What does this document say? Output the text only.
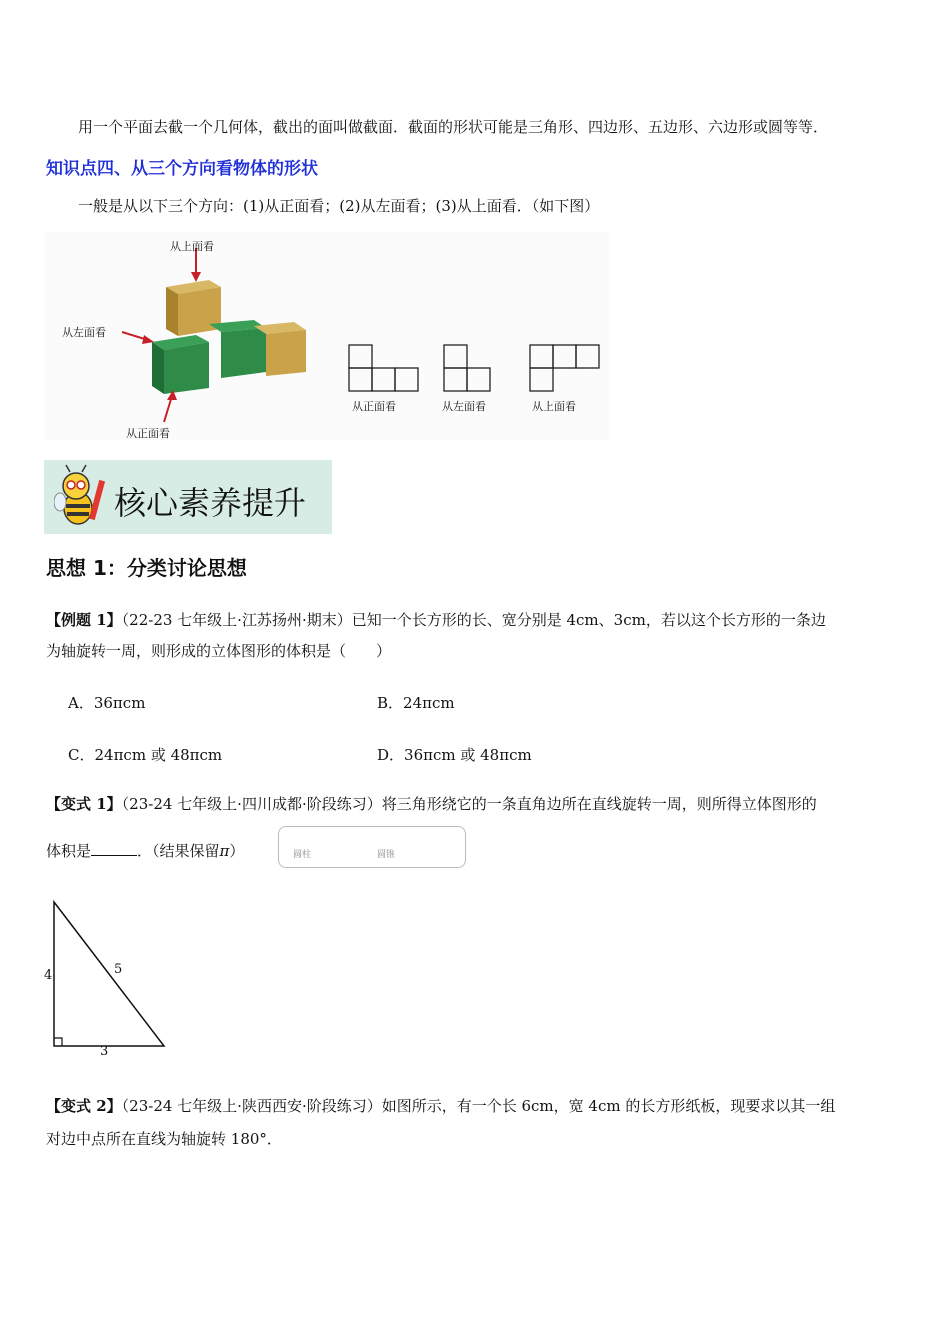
用一个平面去截一个几何体，截出的面叫做截面．截面的形状可能是三角形、四边形、五边形、六边形或圆等等．
知识点四、从三个方向看物体的形状
一般是从以下三个方向：(1)从正面看；(2)从左面看；(3)从上面看．（如下图）
从上面看
从左面看
从正面看
从正面看	从左面看	从上面看
核心素养提升
思想 1：分类讨论思想
【例题 1】（22-23 七年级上·江苏扬州·期末）已知一个长方形的长、宽分别是 4cm、3cm，若以这个长方形的一条边
为轴旋转一周，则形成的立体图形的体积是（　　）
A．36πcm	B．24πcm
C．24πcm 或 48πcm	D．36πcm 或 48πcm
【变式 1】（23-24 七年级上·四川成都·阶段练习）将三角形绕它的一条直角边所在直线旋转一周，则所得立体图形的
体积是	．（结果保留π）	圆柱	圆锥
4	5
3
【变式 2】（23-24 七年级上·陕西西安·阶段练习）如图所示，有一个长 6cm，宽 4cm 的长方形纸板，现要求以其一组
对边中点所在直线为轴旋转 180°．
